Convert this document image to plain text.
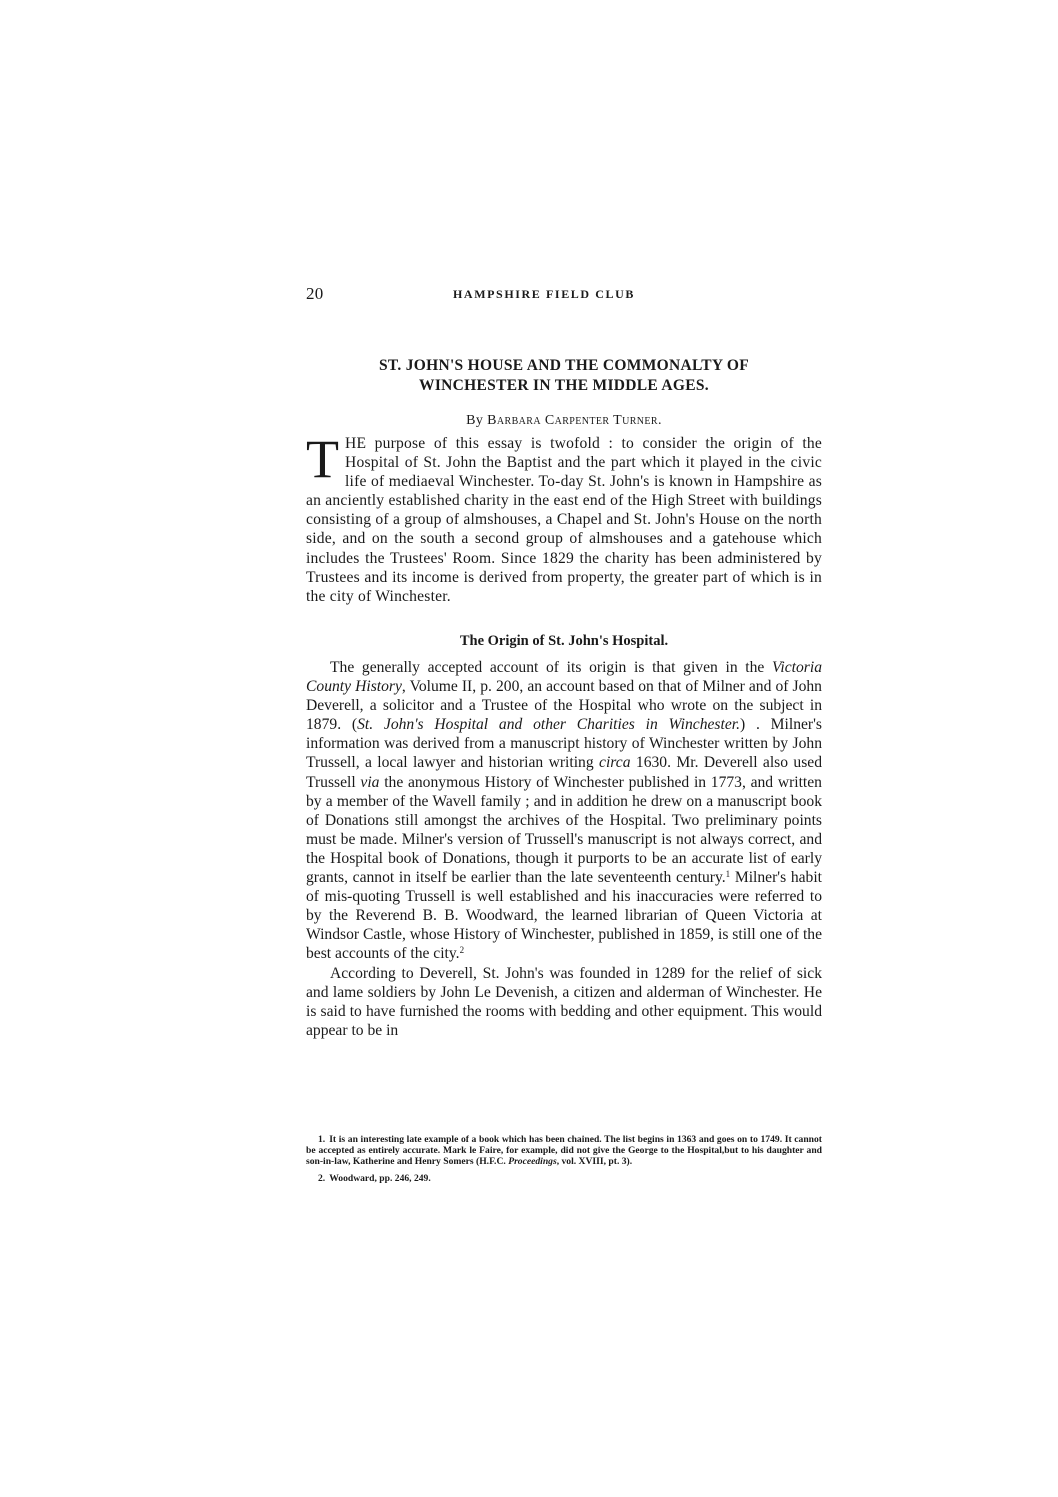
20	HAMPSHIRE FIELD CLUB
ST. JOHN'S HOUSE AND THE COMMONALTY OF
WINCHESTER IN THE MIDDLE AGES.
By Barbara Carpenter Turner.

THE purpose of this essay is twofold : to consider the origin of the Hospital of St. John the Baptist and the part which it played in the civic life of mediaeval Winchester. To-day St. John's is known in Hampshire as an anciently established charity in the east end of the High Street with buildings consisting of a group of almshouses, a Chapel and St. John's House on the north side, and on the south a second group of almshouses and a gatehouse which includes the Trustees' Room. Since 1829 the charity has been administered by Trustees and its income is derived from property, the greater part of which is in the city of Winchester.

The Origin of St. John's Hospital.

The generally accepted account of its origin is that given in the Victoria County History, Volume II, p. 200, an account based on that of Milner and of John Deverell, a solicitor and a Trustee of the Hospital who wrote on the subject in 1879. (St. John's Hospital and other Charities in Winchester.) . Milner's information was derived from a manuscript history of Winchester written by John Trussell, a local lawyer and historian writing circa 1630. Mr. Deverell also used Trussell via the anonymous History of Winchester published in 1773, and written by a member of the Wavell family ; and in addition he drew on a manuscript book of Donations still amongst the archives of the Hospital. Two preliminary points must be made. Milner's version of Trussell's manuscript is not always correct, and the Hospital book of Donations, though it purports to be an accurate list of early grants, cannot in itself be earlier than the late seventeenth century.$^1$ Milner's habit of mis-quoting Trussell is well established and his inaccuracies were referred to by the Reverend B. B. Woodward, the learned librarian of Queen Victoria at Windsor Castle, whose History of Winchester, published in 1859, is still one of the best accounts of the city.$^2$

According to Deverell, St. John's was founded in 1289 for the relief of sick and lame soldiers by John Le Devenish, a citizen and alderman of Winchester. He is said to have furnished the rooms with bedding and other equipment. This would appear to be in

1. It is an interesting late example of a book which has been chained. The list begins in 1363 and goes on to 1749. It cannot be accepted as entirely accurate. Mark le Faire, for example, did not give the George to the Hospital,but to his daughter and son-in-law, Katherine and Henry Somers (H.F.C. Proceedings, vol. XVIII, pt. 3).

2. Woodward, pp. 246, 249.
